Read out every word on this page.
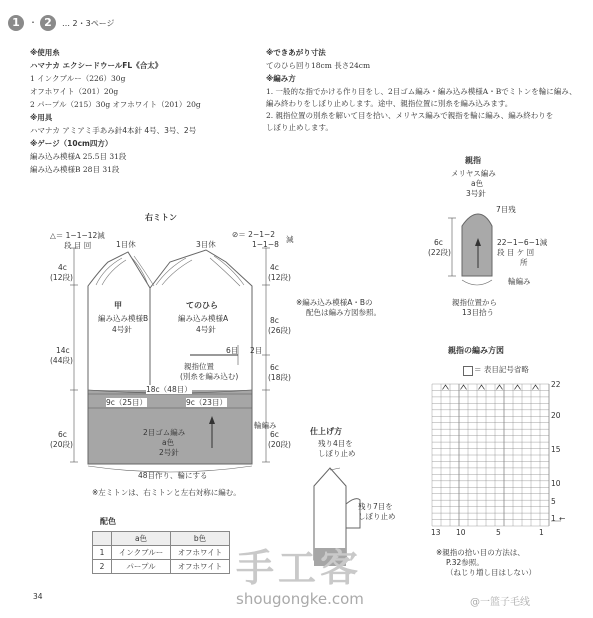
1	・ 2	… 2・3ページ
※使用糸
ハマナカ エクシードウールFL《合太》
1 インクブルー（226）30g
オフホワイト（201）20g
2 パープル（215）30g オフホワイト（201）20g
※用具
ハマナカ アミアミ手あみ針4本針 4号、3号、2号
※ゲージ（10cm四方）
編み込み模様A 25.5目 31段
編み込み模様B 28目 31段
※できあがり寸法
てのひら回り18cm 長さ24cm
※編み方
1. 一般的な指でかける作り目をし、2目ゴム編み・編み込み模様A・Bでミトンを輪に編み、
編み終わりをしぼり止めします。途中、親指位置に別糸を編み込みます。
2. 親指位置の別糸を解いて目を拾い、メリヤス編みで親指を輪に編み、編み終わりを
しぼり止めします。
右ミトン
△＝ 1−1−12減
段 目 回	1目休	3目休
⊘＝ 2−1−2
1−1−8
減
4c
(12段)
14c
(44段)
6c
(20段)
4c
(12段)
8c
(26段)
6c
(18段)
6c
(20段)
甲
編み込み模様B
4号針
てのひら
編み込み模様A
4号針
6目 2目
親指位置
(別糸を編み込む)
18c（48目）
9c（25目）	9c（23目）
2目ゴム編み
a色
2号針
輪編み
48目作り、輪にする
※左ミトンは、右ミトンと左右対称に編む。
※編み込み模様A・Bの
配色は編み方図参照。
親指
メリヤス編み
a色
3号針
7目残
6c
(22段)
22−1−6−1減
段 目 ケ 回
所
輪編み
親指位置から
13目拾う
仕上げ方
残り4目を
しぼり止め
残り7目を
しぼり止め
親指の編み方図
＝ 表目記号省略
22
20
15
10
5
1 ←
13 10	5	1
※親指の拾い目の方法は、
P.32参照。
（ねじり増し目はしない）
配色
	a色	b色
1	インクブルー	オフホワイト
2	パープル	オフホワイト
34
手工客
shougongke.com	@一篮子毛线
